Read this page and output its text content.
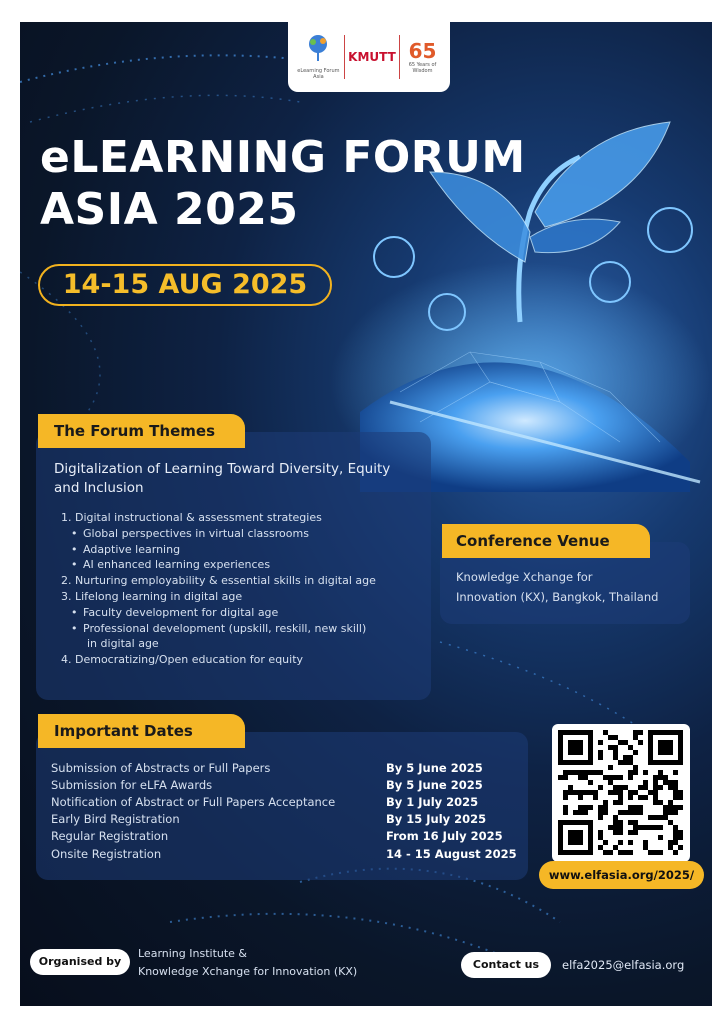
eLearning Forum Asia
KMUTT 65
65 Years of Wisdom
eLEARNING FORUM
ASIA 2025
14-15 AUG 2025
The Forum Themes
Digitalization of Learning Toward Diversity, Equity and Inclusion
1. Digital instructional & assessment strategies
• Global perspectives in virtual classrooms
• Adaptive learning
• AI enhanced learning experiences
2. Nurturing employability & essential skills in digital age
3. Lifelong learning in digital age
• Faculty development for digital age
• Professional development (upskill, reskill, new skill)
in digital age
4. Democratizing/Open education for equity
Conference Venue
Knowledge Xchange for
Innovation (KX), Bangkok, Thailand
Important Dates
Submission of Abstracts or Full Papers	By 5 June 2025
Submission for eLFA Awards	By 5 June 2025
Notification of Abstract or Full Papers Acceptance	By 1 July 2025
Early Bird Registration	By 15 July 2025
Regular Registration	From 16 July 2025
Onsite Registration	14 - 15 August 2025
www.elfasia.org/2025/
Organised by
Learning Institute &
Knowledge Xchange for Innovation (KX)
Contact us	elfa2025@elfasia.org
